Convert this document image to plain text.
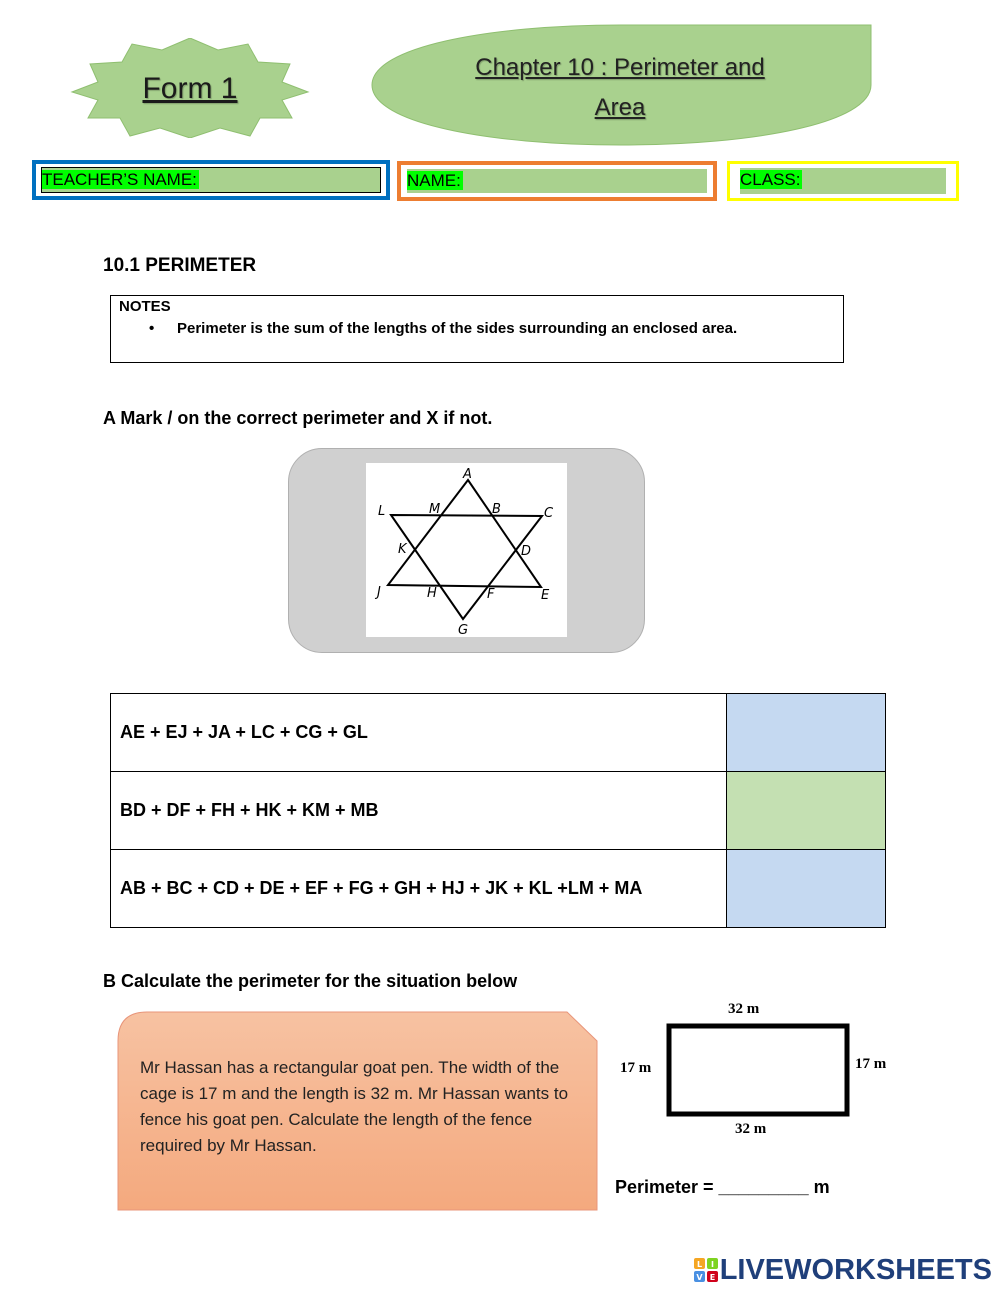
Form 1
Chapter 10 : Perimeter and
Area
TEACHER’S NAME:	NAME:	CLASS:
10.1 PERIMETER
NOTES
• Perimeter is the sum of the lengths of the sides surrounding an enclosed area.
A Mark / on the correct perimeter and X if not.
A
B	C
D
E
F
G
H
J
K
L	M
AE + EJ + JA + LC + CG + GL	
BD + DF + FH + HK + KM + MB	
AB + BC + CD + DE + EF + FG + GH + HJ + JK + KL +LM + MA	
B Calculate the perimeter for the situation below
Mr Hassan has a rectangular goat pen. The width of the cage is 17 m and the length is 32 m. Mr Hassan wants to fence his goat pen. Calculate the length of the fence required by Mr Hassan.
32 m
32 m
17 m	17 m
Perimeter = _________ m
L I
V E LIVEWORKSHEETS
